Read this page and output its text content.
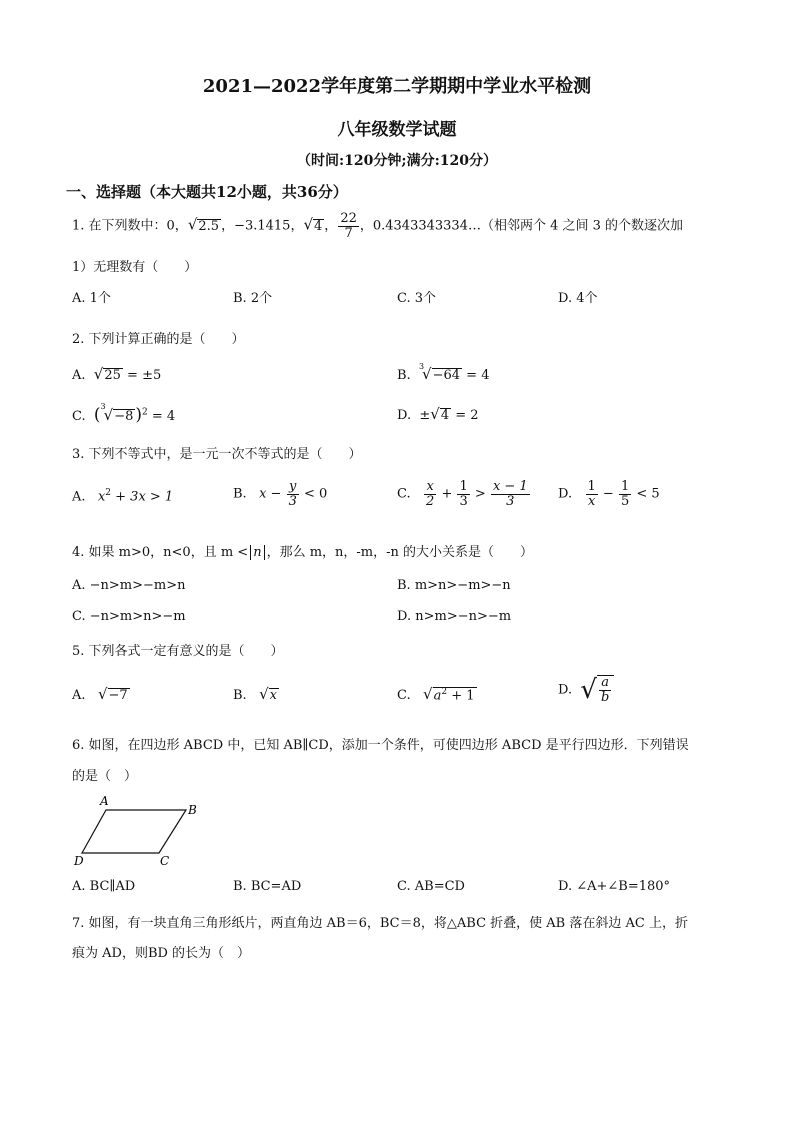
2021—2022学年度第二学期期中学业水平检测
八年级数学试题
（时间:120分钟;满分:120分）
一、选择题（本大题共12小题，共36分）
1. 在下列数中：0，√2.5 ，−3.1415，√4 ， $\frac{22}{7}$ ，0.4343343334…（相邻两个 4 之间 3 的个数逐次加
1）无理数有（　　）
A. 1个	B. 2个	C. 3个	D. 4个
2. 下列计算正确的是（　　）
A. √25 = ±5	B.  $^3$√−64 = 4
C. ($^3$√−8 )$^2$ = 4	D. ±√4 = 2
3. 下列不等式中，是一元一次不等式的是（　　）
A. $x^2 + 3x > 1$	B. $x - \frac{y}{3} < 0$	C. $\frac{x}{2} + \frac{1}{3} > \frac{x - 1}{3} D$. $\frac{1}{x} - \frac{1}{5} < 5$
4. 如果 m>0，n<0，且 m < n ，那么 m，n，-m，-n 的大小关系是（　　）
A. −n>m>−m>n	B. m>n>−m>−n
C. −n>m>n>−m	D. n>m>−n>−m
5. 下列各式一定有意义的是（　　）
A. √−7	B. √x	C. $√a^2 + 1$	D. √ $\frac{a}{b}$
6. 如图，在四边形 ABCD 中，已知 AB∥CD，添加一个条件，可使四边形 ABCD 是平行四边形．下列错误
的是（　）
A
B
C
D
A. BC∥AD	B. BC=AD	C. AB=CD	D. ∠A+∠B=180°
7. 如图，有一块直角三角形纸片，两直角边 AB＝6，BC＝8，将△ABC 折叠，使 AB 落在斜边 AC 上，折
痕为 AD，则BD 的长为（　）
